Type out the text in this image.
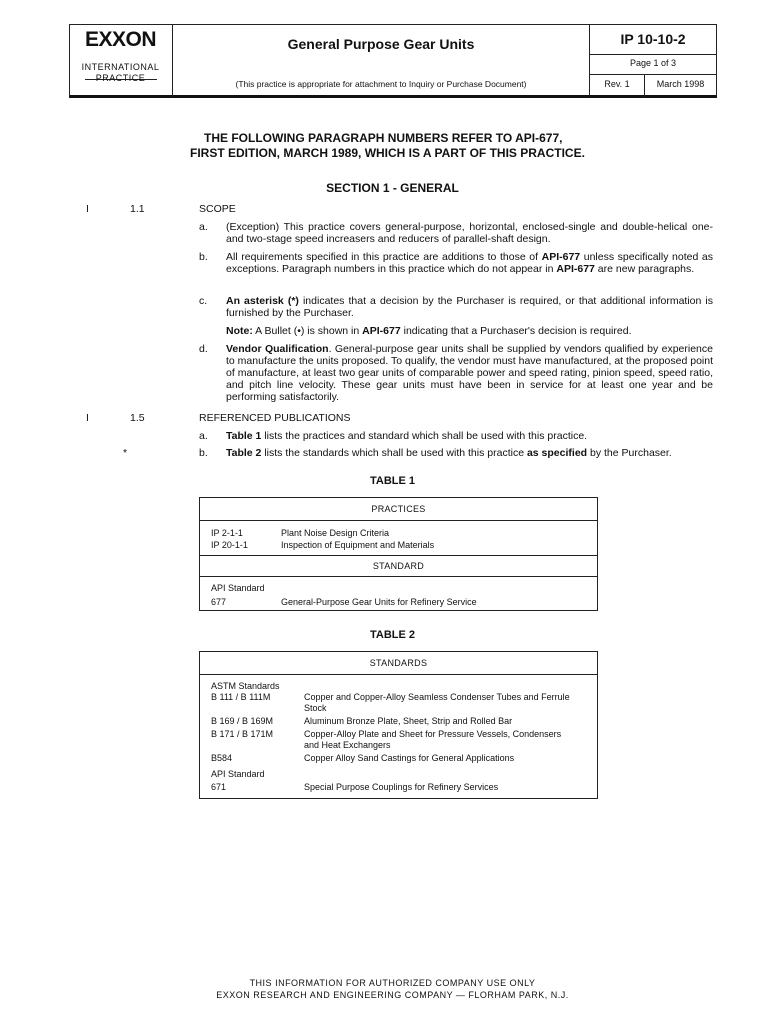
EXXON
INTERNATIONAL
PRACTICE
General Purpose Gear Units
(This practice is appropriate for attachment to Inquiry or Purchase Document)
IP 10-10-2
Page 1 of 3
Rev. 1	March 1998
THE FOLLOWING PARAGRAPH NUMBERS REFER TO API-677,
FIRST EDITION, MARCH 1989, WHICH IS A PART OF THIS PRACTICE.
SECTION 1 - GENERAL
I	1.1	SCOPE
a. (Exception) This practice covers general-purpose, horizontal, enclosed-single and double-helical one-and two-stage speed increasers and reducers of parallel-shaft design.
b. All requirements specified in this practice are additions to those of API-677 unless specifically noted as exceptions. Paragraph numbers in this practice which do not appear in API-677 are new paragraphs.
c. An asterisk (*) indicates that a decision by the Purchaser is required, or that additional information is furnished by the Purchaser.
Note: A Bullet (•) is shown in API-677 indicating that a Purchaser's decision is required.
d. Vendor Qualification. General-purpose gear units shall be supplied by vendors qualified by experience to manufacture the units proposed. To qualify, the vendor must have manufactured, at the proposed point of manufacture, at least two gear units of comparable power and speed rating, pinion speed, speed ratio, and pitch line velocity. These gear units must have been in service for at least one year and be performing satisfactorily.
I	1.5	REFERENCED PUBLICATIONS
a. Table 1 lists the practices and standard which shall be used with this practice.
*	b. Table 2 lists the standards which shall be used with this practice as specified by the Purchaser.
TABLE 1
PRACTICES
IP 2-1-1	Plant Noise Design Criteria
IP 20-1-1	Inspection of Equipment and Materials
STANDARD
API Standard
677	General-Purpose Gear Units for Refinery Service
TABLE 2
STANDARDS
ASTM Standards
B 111 / B 111M	Copper and Copper-Alloy Seamless Condenser Tubes and Ferrule
Stock
B 169 / B 169M	Aluminum Bronze Plate, Sheet, Strip and Rolled Bar
B 171 / B 171M	Copper-Alloy Plate and Sheet for Pressure Vessels, Condensers
and Heat Exchangers
B584	Copper Alloy Sand Castings for General Applications
API Standard
671	Special Purpose Couplings for Refinery Services
THIS INFORMATION FOR AUTHORIZED COMPANY USE ONLY
EXXON RESEARCH AND ENGINEERING COMPANY — FLORHAM PARK, N.J.
